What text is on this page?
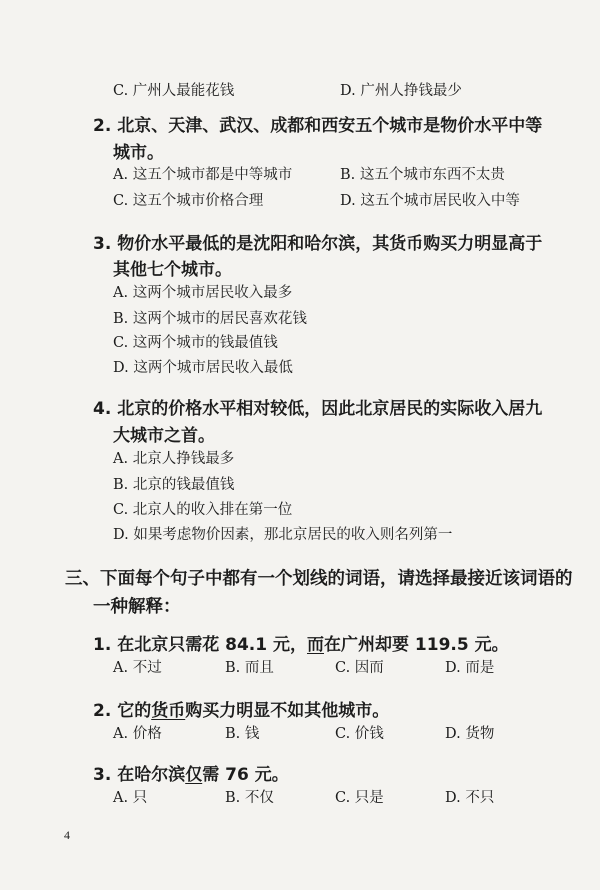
C. 广州人最能花钱	D. 广州人挣钱最少
2. 北京、天津、武汉、成都和西安五个城市是物价水平中等
城市。
A. 这五个城市都是中等城市	B. 这五个城市东西不太贵
C. 这五个城市价格合理	D. 这五个城市居民收入中等
3. 物价水平最低的是沈阳和哈尔滨，其货币购买力明显高于
其他七个城市。
A. 这两个城市居民收入最多
B. 这两个城市的居民喜欢花钱
C. 这两个城市的钱最值钱
D. 这两个城市居民收入最低
4. 北京的价格水平相对较低，因此北京居民的实际收入居九
大城市之首。
A. 北京人挣钱最多
B. 北京的钱最值钱
C. 北京人的收入排在第一位
D. 如果考虑物价因素，那北京居民的收入则名列第一
三、下面每个句子中都有一个划线的词语，请选择最接近该词语的
一种解释：
1. 在北京只需花 84.1 元，而在广州却要 119.5 元。
A. 不过	B. 而且	C. 因而	D. 而是
2. 它的货币购买力明显不如其他城市。
A. 价格	B. 钱	C. 价钱	D. 货物
3. 在哈尔滨仅需 76 元。
A. 只	B. 不仅	C. 只是	D. 不只
4
